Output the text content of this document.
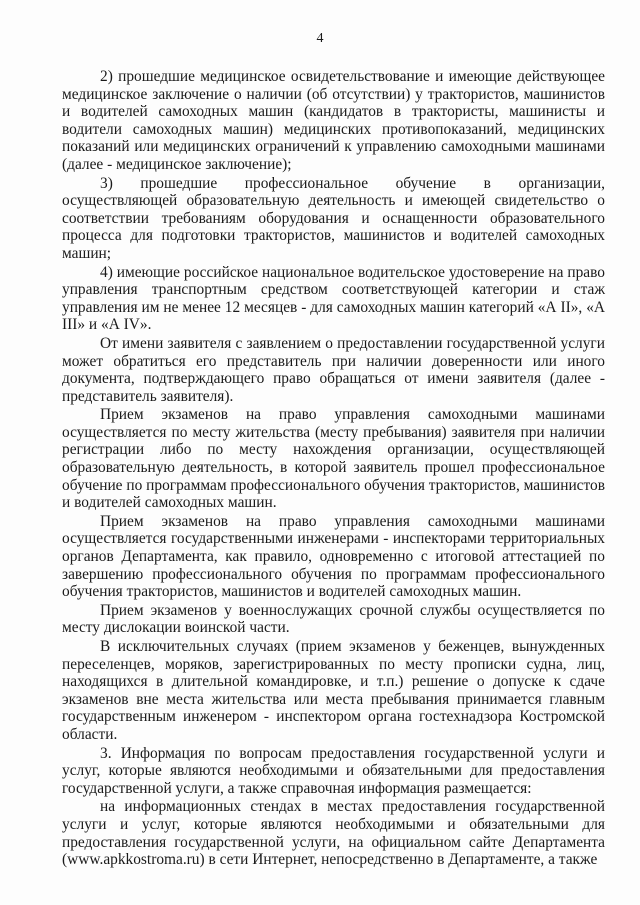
4

2) прошедшие медицинское освидетельствование и имеющие действующее медицинское заключение о наличии (об отсутствии) у трактористов, машинистов и водителей самоходных машин (кандидатов в трактористы, машинисты и водители самоходных машин) медицинских противопоказаний, медицинских показаний или медицинских ограничений к управлению самоходными машинами (далее - медицинское заключение);

3) прошедшие профессиональное обучение в организации, осуществляющей образовательную деятельность и имеющей свидетельство о соответствии требованиям оборудования и оснащенности образовательного процесса для подготовки трактористов, машинистов и водителей самоходных машин;

4) имеющие российское национальное водительское удостоверение на право управления транспортным средством соответствующей категории и стаж управления им не менее 12 месяцев - для самоходных машин категорий «А II», «А III» и «А IV».

От имени заявителя с заявлением о предоставлении государственной услуги может обратиться его представитель при наличии доверенности или иного документа, подтверждающего право обращаться от имени заявителя (далее - представитель заявителя).

Прием экзаменов на право управления самоходными машинами осуществляется по месту жительства (месту пребывания) заявителя при наличии регистрации либо по месту нахождения организации, осуществляющей образовательную деятельность, в которой заявитель прошел профессиональное обучение по программам профессионального обучения трактористов, машинистов и водителей самоходных машин.

Прием экзаменов на право управления самоходными машинами осуществляется государственными инженерами - инспекторами территориальных органов Департамента, как правило, одновременно с итоговой аттестацией по завершению профессионального обучения по программам профессионального обучения трактористов, машинистов и водителей самоходных машин.

Прием экзаменов у военнослужащих срочной службы осуществляется по месту дислокации воинской части.

В исключительных случаях (прием экзаменов у беженцев, вынужденных переселенцев, моряков, зарегистрированных по месту прописки судна, лиц, находящихся в длительной командировке, и т.п.) решение о допуске к сдаче экзаменов вне места жительства или места пребывания принимается главным государственным инженером - инспектором органа гостехнадзора Костромской области.

3. Информация по вопросам предоставления государственной услуги и услуг, которые являются необходимыми и обязательными для предоставления государственной услуги, а также справочная информация размещается:

на информационных стендах в местах предоставления государственной услуги и услуг, которые являются необходимыми и обязательными для предоставления государственной услуги, на официальном сайте Департамента (www.apkkostroma.ru) в сети Интернет, непосредственно в Департаменте, а также
